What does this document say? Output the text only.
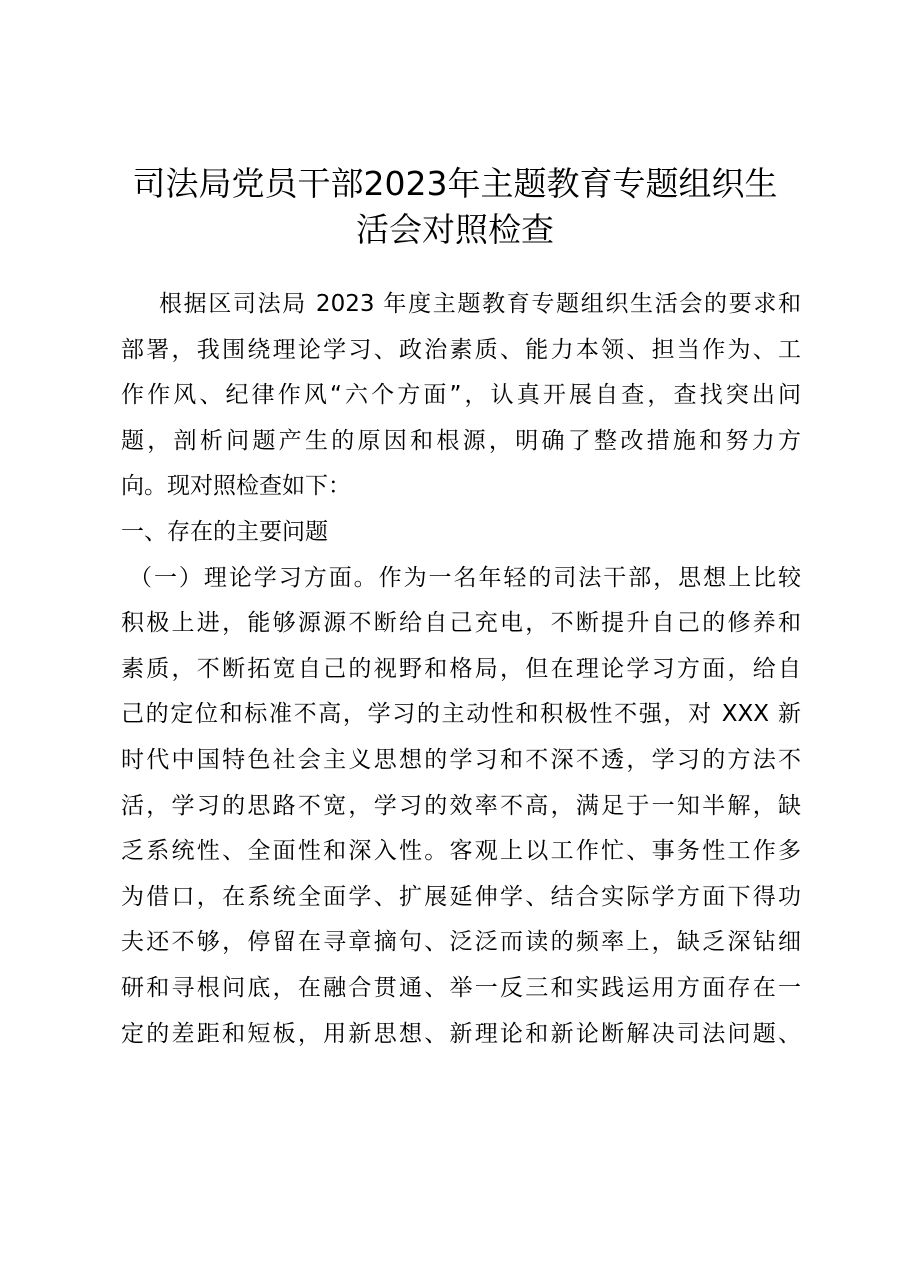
司法局党员干部2023年主题教育专题组织生
活会对照检查
根据区司法局 2023 年度主题教育专题组织生活会的要求和
部署，我围绕理论学习、政治素质、能力本领、担当作为、工
作作风、纪律作风“六个方面”，认真开展自查，查找突出问
题，剖析问题产生的原因和根源，明确了整改措施和努力方
向。现对照检查如下：
一、存在的主要问题
（一）理论学习方面。作为一名年轻的司法干部，思想上比较
积极上进，能够源源不断给自己充电，不断提升自己的修养和
素质，不断拓宽自己的视野和格局，但在理论学习方面，给自
己的定位和标准不高，学习的主动性和积极性不强，对 XXX 新
时代中国特色社会主义思想的学习和不深不透，学习的方法不
活，学习的思路不宽，学习的效率不高，满足于一知半解，缺
乏系统性、全面性和深入性。客观上以工作忙、事务性工作多
为借口，在系统全面学、扩展延伸学、结合实际学方面下得功
夫还不够，停留在寻章摘句、泛泛而读的频率上，缺乏深钻细
研和寻根问底，在融合贯通、举一反三和实践运用方面存在一
定的差距和短板，用新思想、新理论和新论断解决司法问题、
